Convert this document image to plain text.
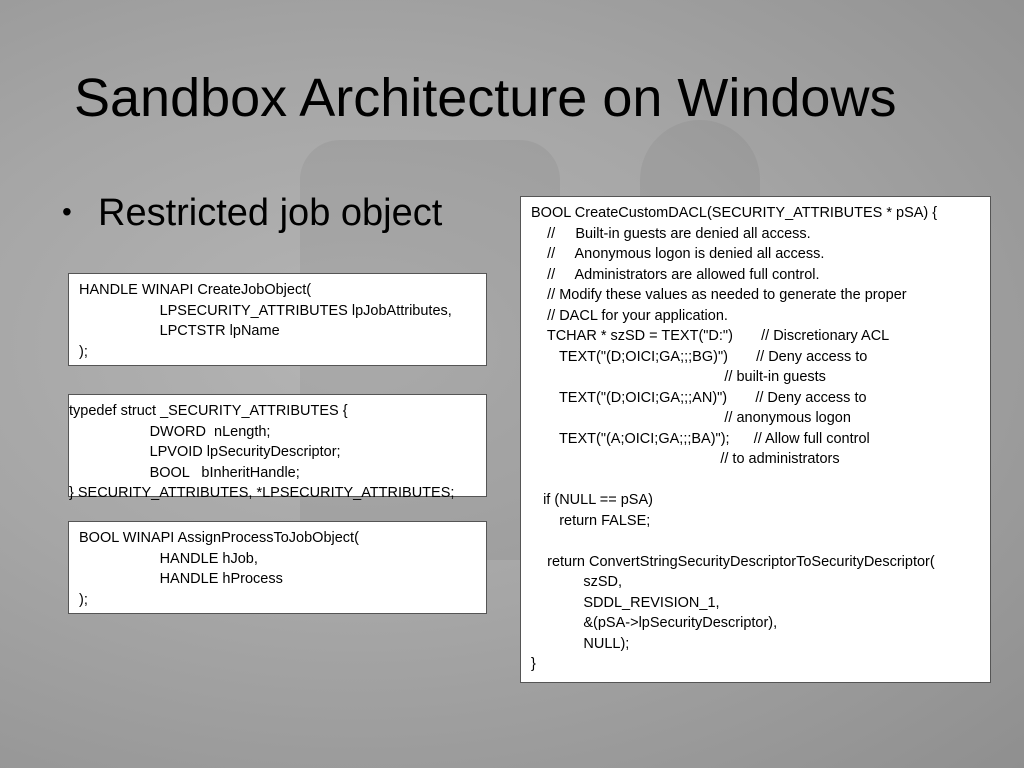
Sandbox Architecture on Windows
• Restricted job object
HANDLE WINAPI CreateJobObject(
LPSECURITY_ATTRIBUTES lpJobAttributes,
LPCTSTR lpName
);
typedef struct _SECURITY_ATTRIBUTES {
DWORD  nLength;
LPVOID lpSecurityDescriptor;
BOOL   bInheritHandle;
} SECURITY_ATTRIBUTES, *LPSECURITY_ATTRIBUTES;
BOOL WINAPI AssignProcessToJobObject(
HANDLE hJob,
HANDLE hProcess
);
BOOL CreateCustomDACL(SECURITY_ATTRIBUTES * pSA) {
//     Built-in guests are denied all access.
//     Anonymous logon is denied all access.
//     Administrators are allowed full control.
// Modify these values as needed to generate the proper
// DACL for your application.
TCHAR * szSD = TEXT("D:")       // Discretionary ACL
TEXT("(D;OICI;GA;;;BG)")       // Deny access to
// built-in guests
TEXT("(D;OICI;GA;;;AN)")       // Deny access to
// anonymous logon
TEXT("(A;OICI;GA;;;BA)");      // Allow full control
// to administrators
if (NULL == pSA)
return FALSE;
return ConvertStringSecurityDescriptorToSecurityDescriptor(
szSD,
SDDL_REVISION_1,
&(pSA->lpSecurityDescriptor),
NULL);
}
